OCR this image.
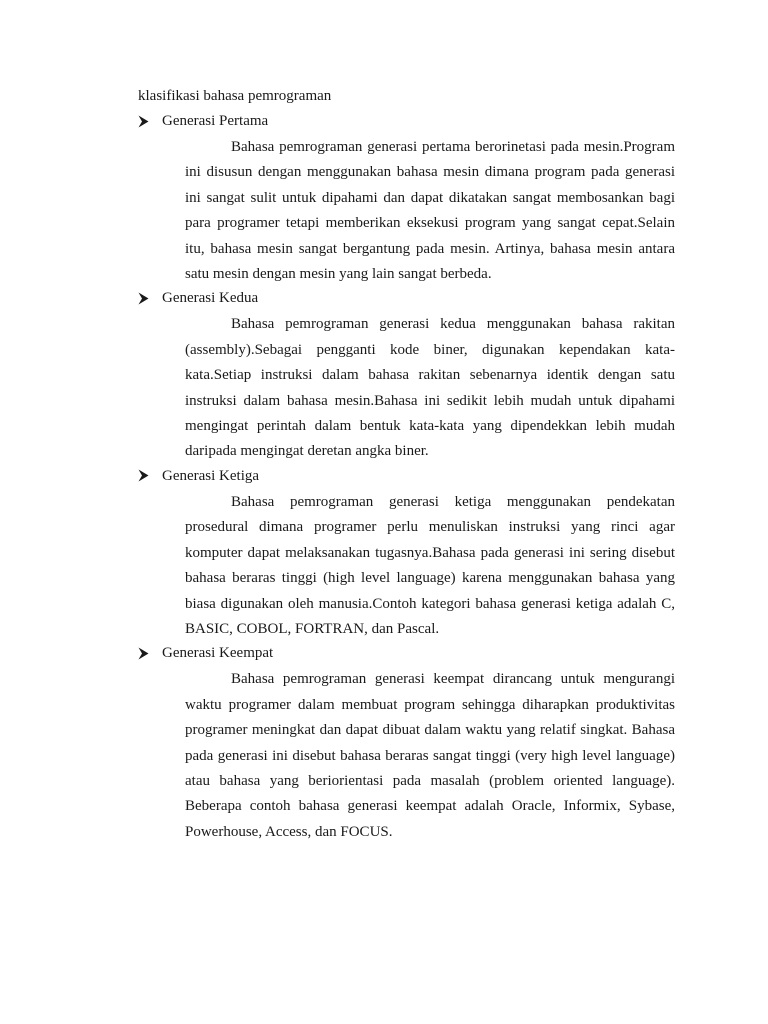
klasifikasi bahasa pemrograman
Generasi Pertama

Bahasa pemrograman generasi pertama berorinetasi pada mesin.Program ini disusun dengan menggunakan bahasa mesin dimana program pada generasi ini sangat sulit untuk dipahami dan dapat dikatakan sangat membosankan bagi para programer tetapi memberikan eksekusi program yang sangat cepat.Selain itu, bahasa mesin sangat bergantung pada mesin. Artinya, bahasa mesin antara satu mesin dengan mesin yang lain sangat berbeda.

Generasi Kedua

Bahasa pemrograman generasi kedua menggunakan bahasa rakitan (assembly).Sebagai pengganti kode biner, digunakan kependakan kata-kata.Setiap instruksi dalam bahasa rakitan sebenarnya identik dengan satu instruksi dalam bahasa mesin.Bahasa ini sedikit lebih mudah untuk dipahami mengingat perintah dalam bentuk kata-kata yang dipendekkan lebih mudah daripada mengingat deretan angka biner.

Generasi Ketiga

Bahasa pemrograman generasi ketiga menggunakan pendekatan prosedural dimana programer perlu menuliskan instruksi yang rinci agar komputer dapat melaksanakan tugasnya.Bahasa pada generasi ini sering disebut bahasa beraras tinggi (high level language) karena menggunakan bahasa yang biasa digunakan oleh manusia.Contoh kategori bahasa generasi ketiga adalah C, BASIC, COBOL, FORTRAN, dan Pascal.

Generasi Keempat

Bahasa pemrograman generasi keempat dirancang untuk mengurangi waktu programer dalam membuat program sehingga diharapkan produktivitas programer meningkat dan dapat dibuat dalam waktu yang relatif singkat. Bahasa pada generasi ini disebut bahasa beraras sangat tinggi (very high level language) atau bahasa yang beriorientasi pada masalah (problem oriented language). Beberapa contoh bahasa generasi keempat adalah Oracle, Informix, Sybase, Powerhouse, Access, dan FOCUS.
